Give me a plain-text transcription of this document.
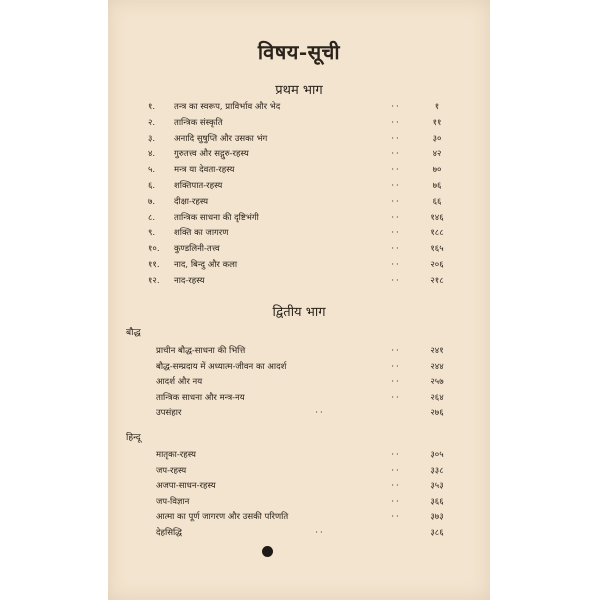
विषय-सूची
प्रथम भाग
१.	तन्त्र का स्वरूप, प्राविर्भाव और भेद	··	१
२.	तान्त्रिक संस्कृति	··	११
३.	अनादि सुषुप्ति और उसका भंग	··	३०
४.	गुरुतत्त्व और सद्गुरु-रहस्य	··	४२
५.	मन्त्र या देवता-रहस्य	··	७०
६.	शक्तिपात-रहस्य	··	७६
७.	दीक्षा-रहस्य	··	६६
८.	तान्त्रिक साधना की दृष्टिभंगी	··	१४६
९.	शक्ति का जागरण	··	१८८
१०.	कुण्डलिनी-तत्त्व	··	१६५
११.	नाद, बिन्दु और कला	··	२०६
१२.	नाद-रहस्य	··	२१८
द्वितीय भाग
बौद्ध
प्राचीन बौद्ध-साधना की भित्ति	··	२४१
बौद्ध-सम्प्रदाय में अध्यात्म-जीवन का आदर्श	··	२४४
आदर्श और नय	··	२५७
तान्त्रिक साधना और मन्त्र-नय	··	२६४
उपसंहार	··	२७६
हिन्दू
मातृका-रहस्य	··	३०५
जप-रहस्य	··	३३८
अजपा-साधन-रहस्य	··	३५३
जप-विज्ञान	··	३६६
आत्मा का पूर्ण जागरण और उसकी परिणति	··	३७३
देहसिद्धि	··	३८६
